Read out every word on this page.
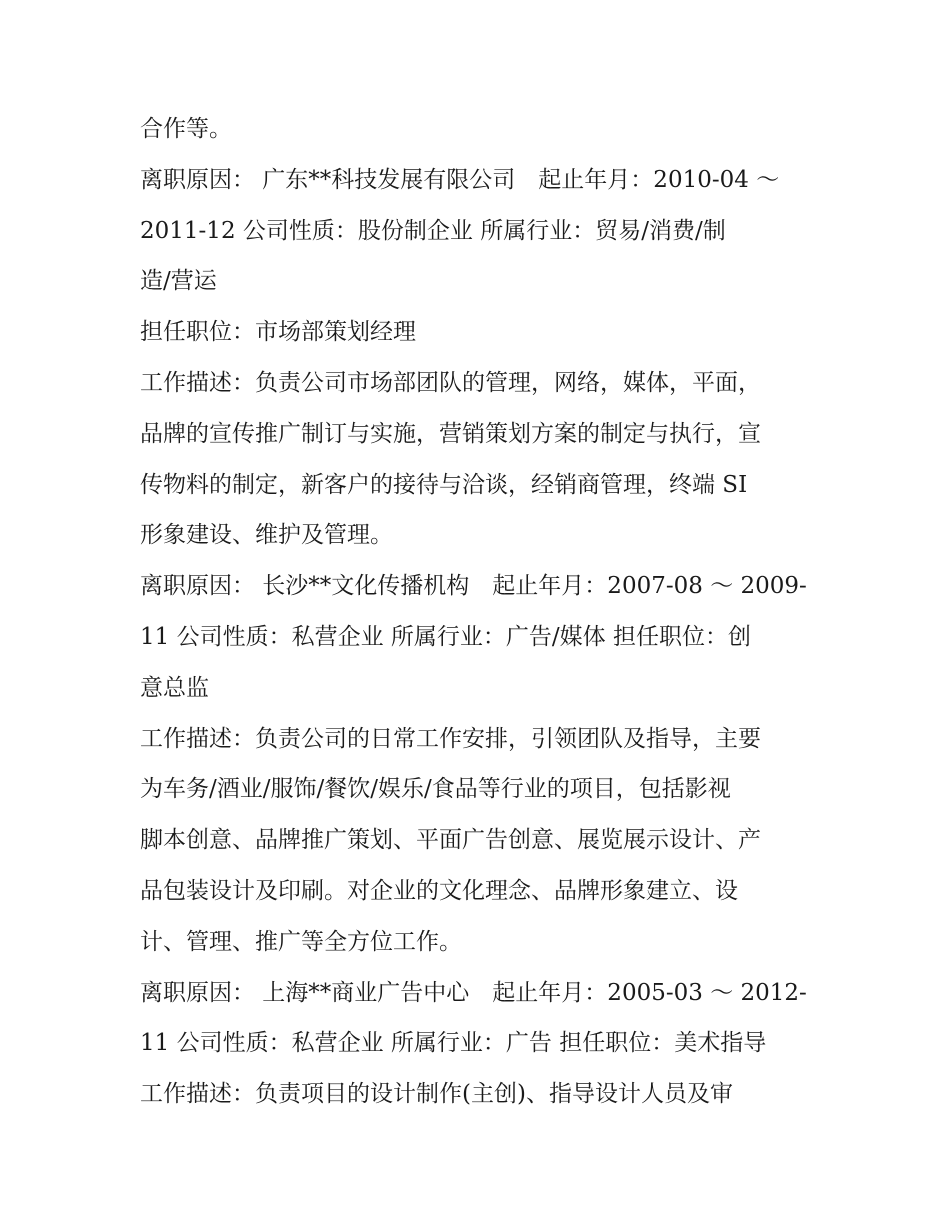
合作等。
离职原因： 广东**科技发展有限公司　起止年月：2010-04 ～
2011-12 公司性质：股份制企业 所属行业：贸易/消费/制
造/营运
担任职位：市场部策划经理
工作描述：负责公司市场部团队的管理，网络，媒体，平面，
品牌的宣传推广制订与实施，营销策划方案的制定与执行，宣
传物料的制定，新客户的接待与洽谈，经销商管理，终端 SI
形象建设、维护及管理。
离职原因： 长沙**文化传播机构　起止年月：2007-08 ～ 2009-
11 公司性质：私营企业 所属行业：广告/媒体 担任职位：创
意总监
工作描述：负责公司的日常工作安排，引领团队及指导，主要
为车务/酒业/服饰/餐饮/娱乐/食品等行业的项目，包括影视
脚本创意、品牌推广策划、平面广告创意、展览展示设计、产
品包装设计及印刷。对企业的文化理念、品牌形象建立、设
计、管理、推广等全方位工作。
离职原因： 上海**商业广告中心　起止年月：2005-03 ～ 2012-
11 公司性质：私营企业 所属行业：广告 担任职位：美术指导
工作描述：负责项目的设计制作(主创)、指导设计人员及审
